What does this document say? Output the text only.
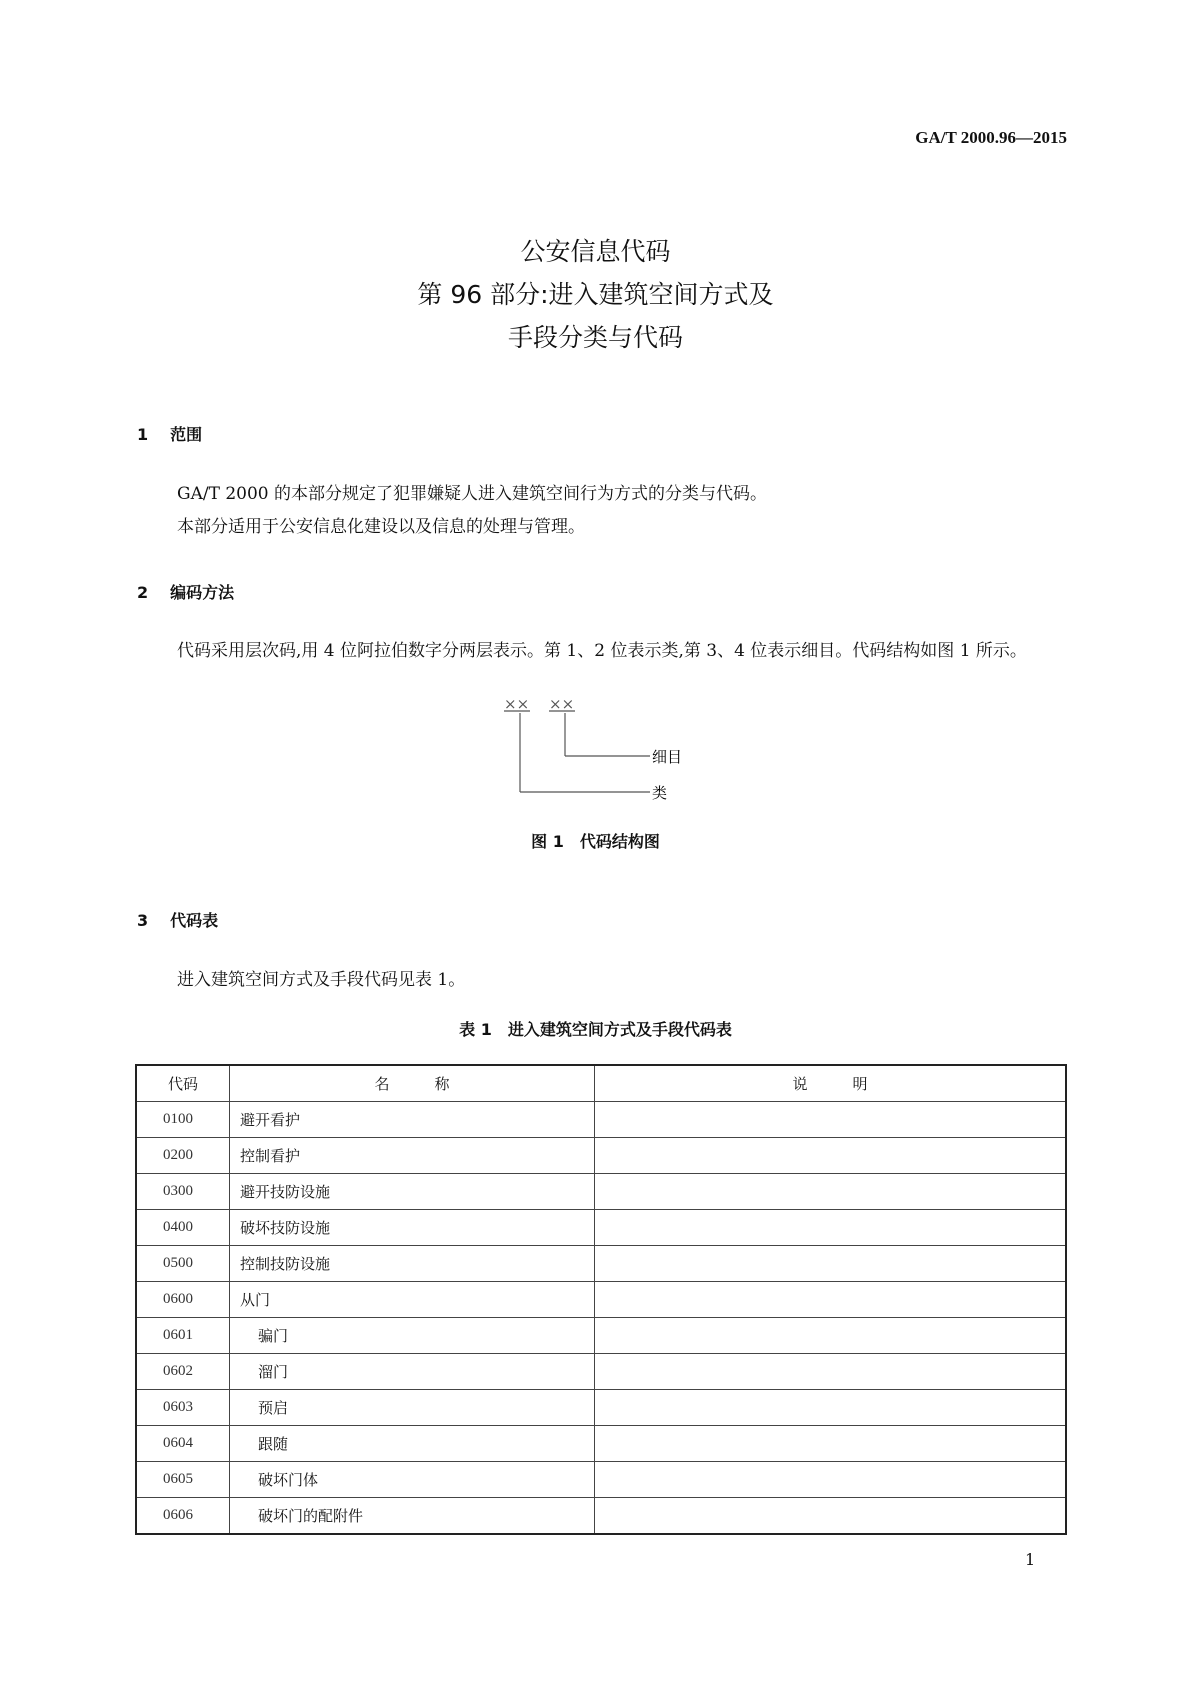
GA/T 2000.96—2015
公安信息代码
第 96 部分:进入建筑空间方式及
手段分类与代码
1 范围
GA/T 2000 的本部分规定了犯罪嫌疑人进入建筑空间行为方式的分类与代码。
本部分适用于公安信息化建设以及信息的处理与管理。
2 编码方法
代码采用层次码,用 4 位阿拉伯数字分两层表示。第 1、2 位表示类,第 3、4 位表示细目。代码结构如图 1 所示。
×× ××
细目
类
图 1　代码结构图
3 代码表
进入建筑空间方式及手段代码见表 1。
表 1　进入建筑空间方式及手段代码表
代码	名　　　称	说　　　明
0100	避开看护	
0200	控制看护	
0300	避开技防设施	
0400	破坏技防设施	
0500	控制技防设施	
0600	从门	
0601	骗门	
0602	溜门	
0603	预启	
0604	跟随	
0605	破坏门体	
0606	破坏门的配附件	
1
